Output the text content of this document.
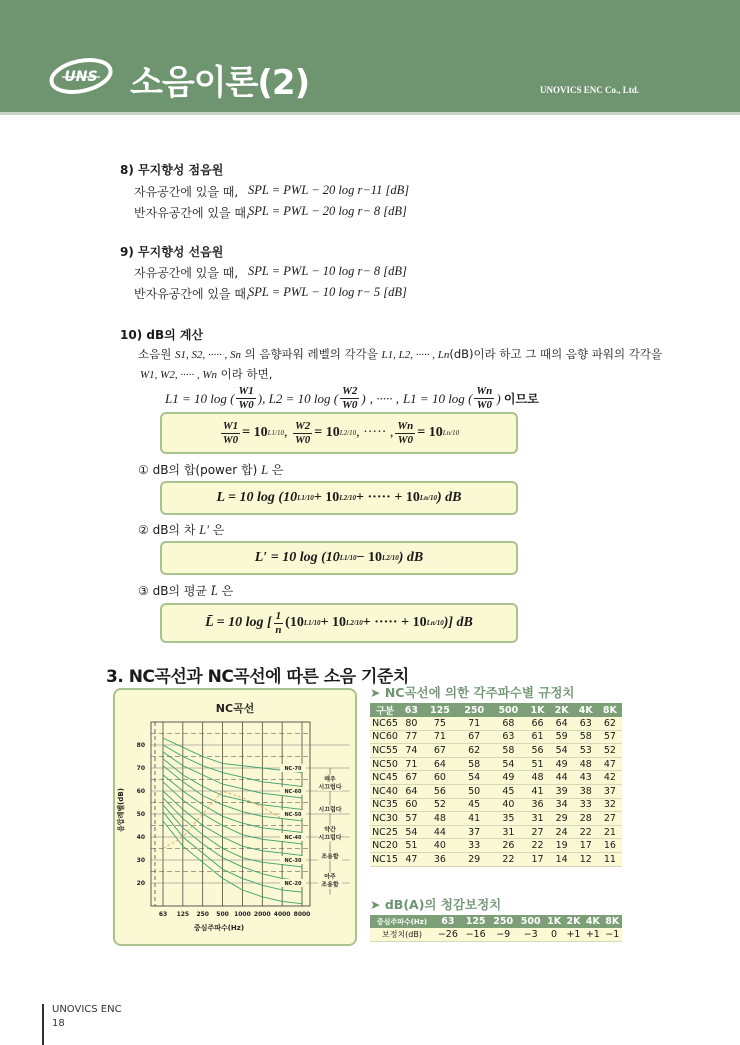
UNS 소음이론(2)	UNOVICS ENC Co., Ltd.
8) 무지향성 점음원
자유공간에 있을 때, SPL = PWL − 20 log r−11 [dB]
반자유공간에 있을 때,
SPL = PWL − 20 log r− 8 [dB]
9) 무지향성 선음원
자유공간에 있을 때, SPL = PWL − 10 log r− 8 [dB]
반자유공간에 있을 때,
SPL = PWL − 10 log r− 5 [dB]
10) dB의 계산
소음원 S1, S2, ····· , Sn 의 음향파워 레벨의 각각을 L1, L2, ····· , Ln(dB)이라 하고 그 때의 음향 파워의 각각을
W1, W2, ····· , Wn 이라 하면,
L1 = 10 log ( $\frac{W1}{W0}$ ) , L2 = 10 log ( $\frac{W2}{W0}$ ) , ····· , L1 = 10 log ( $\frac{Wn}{W0}$ ) 이므로
$\frac{W1}{W0} = 10$ L1/10 , $\frac{W2}{W0} = 10$ L2/10 , ····· , $\frac{Wn}{W0} = 10$ Ln/10
① dB의 합(power 합) L 은
L = 10 log (10 L1/10 + 10 L2/10 + ····· + 10 Ln/10 ) dB
② dB의 차 L′ 은
L′ = 10 log (10 L1/10 − 10 L2/10 ) dB
③ dB의 평균 L̄ 은
L̄ = 10 log [ $\frac{1}{n} (10$ L1/10 + 10 L2/10 + ····· + 10 Ln/10 )] dB
3. NC곡선과 NC곡선에 따른 소음 기준치
NC곡선
음압레벨(dB)
중심주파수(Hz)
63 125 250 500 1000 2000 4000 8000
80
70
60
50
40
30
20
NC-70
NC-60
NC-50
NC-40
NC-30
NC-20
매우
시끄럽다
시끄럽다
약간
시끄럽다
조용함
아주
조용함
➤ NC곡선에 의한 각주파수별 규정치
구분	63	125	250	500	1K	2K	4K	8K
NC65	80	75	71	68	66	64	63	62
NC60	77	71	67	63	61	59	58	57
NC55	74	67	62	58	56	54	53	52
NC50	71	64	58	54	51	49	48	47
NC45	67	60	54	49	48	44	43	42
NC40	64	56	50	45	41	39	38	37
NC35	60	52	45	40	36	34	33	32
NC30	57	48	41	35	31	29	28	27
NC25	54	44	37	31	27	24	22	21
NC20	51	40	33	26	22	19	17	16
NC15	47	36	29	22	17	14	12	11
➤ dB(A)의 청감보정치
중심주파수(Hz)	63	125	250	500	1K	2K	4K	8K
보정치(dB)	−26	−16	−9	−3	0	+1	+1	−1
UNOVICS ENC
18
